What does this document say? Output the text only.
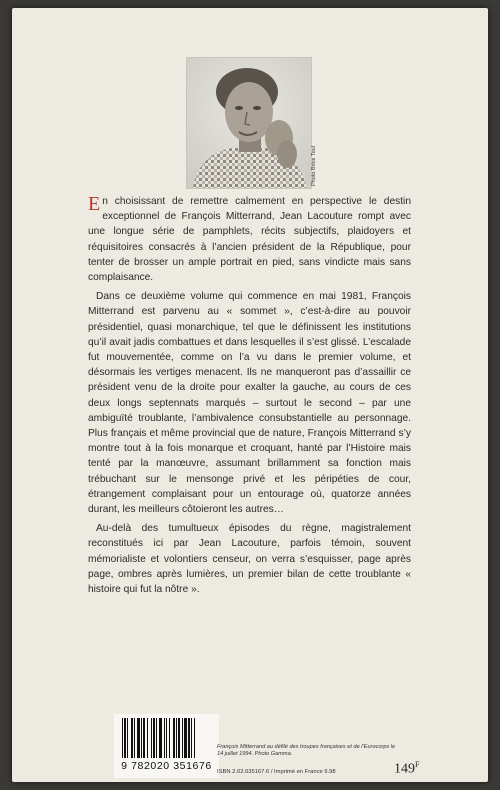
Photo Brice Toul

En choisissant de remettre calmement en perspective le destin exceptionnel de François Mitterrand, Jean Lacouture rompt avec une longue série de pamphlets, récits subjectifs, plaidoyers et réquisitoires consacrés à l’ancien président de la République, pour tenter de brosser un ample portrait en pied, sans vindicte mais sans complaisance.

Dans ce deuxième volume qui commence en mai 1981, François Mitterrand est parvenu au « sommet », c’est-à-dire au pouvoir présidentiel, quasi monarchique, tel que le définissent les institutions qu’il avait jadis combattues et dans lesquelles il s’est glissé. L’escalade fut mouvementée, comme on l’a vu dans le premier volume, et désormais les vertiges menacent. Ils ne manqueront pas d’assaillir ce président venu de la droite pour exalter la gauche, au cours de ces deux longs septennats marqués – surtout le second – par une ambiguïté troublante, l’ambivalence consubstantielle au personnage. Plus français et même provincial que de nature, François Mitterrand s’y montre tout à la fois monarque et croquant, hanté par l’Histoire mais tenté par la manœuvre, assumant brillamment sa fonction mais trébuchant sur le mensonge privé et les péripéties de cour, étrangement complaisant pour un entourage où, quatorze années durant, les meilleurs côtoieront les autres…

Au-delà des tumultueux épisodes du règne, magistralement reconstitués ici par Jean Lacouture, parfois témoin, souvent mémorialiste et volontiers censeur, on verra s’esquisser, page après page, ombres après lumières, un premier bilan de cette troublante « histoire qui fut la nôtre ».

9 782020 351676
François Mitterrand au défilé des troupes françaises et de l’Eurocorps le 14 juillet 1994. Photo Gamma.
ISBN 2.02.035167.6 / Imprimé en France 9.98	$149^F$
